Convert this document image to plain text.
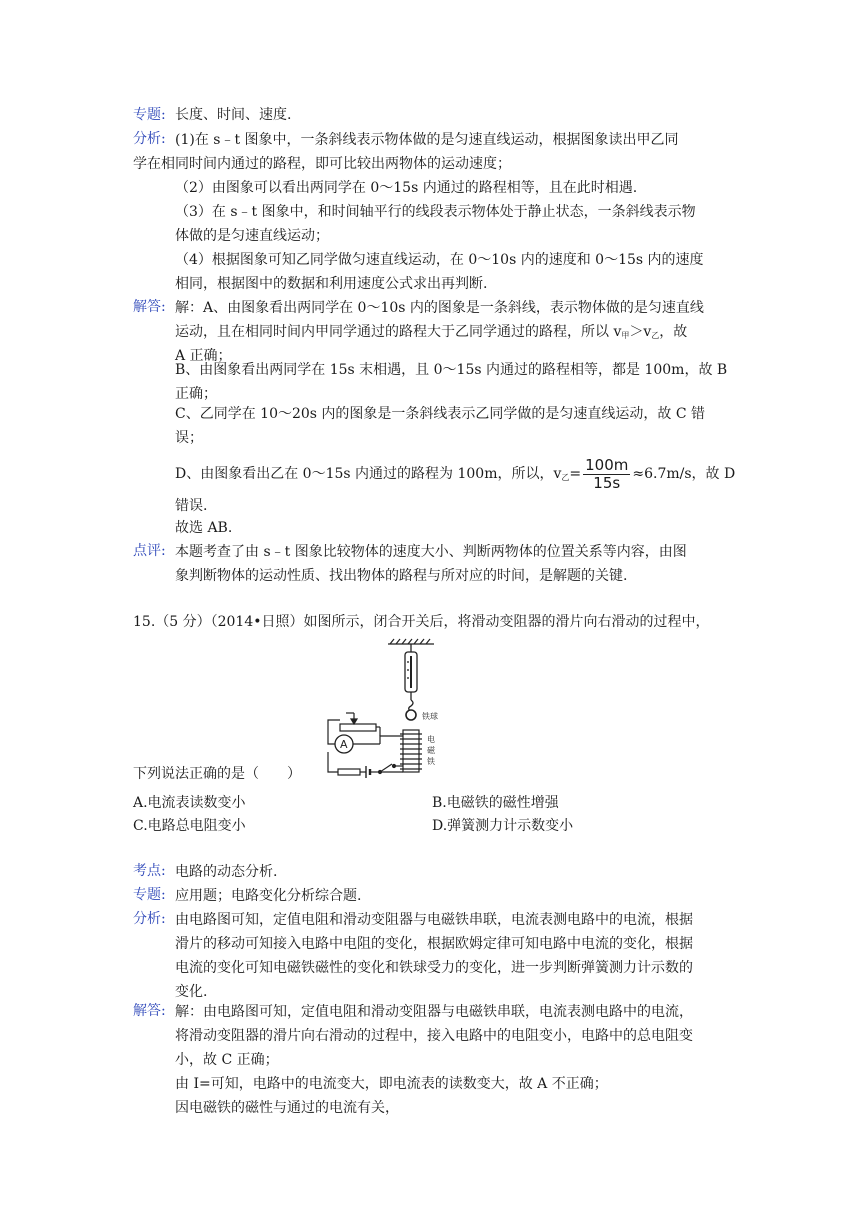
专题: 长度、时间、速度.
分析: (1)在 s﹣t 图象中，一条斜线表示物体做的是匀速直线运动，根据图象读出甲乙同
学在相同时间内通过的路程，即可比较出两物体的运动速度；
（2）由图象可以看出两同学在 0～15s 内通过的路程相等，且在此时相遇.
（3）在 s﹣t 图象中，和时间轴平行的线段表示物体处于静止状态，一条斜线表示物
体做的是匀速直线运动；
（4）根据图象可知乙同学做匀速直线运动，在 0～10s 内的速度和 0～15s 内的速度
相同，根据图中的数据和利用速度公式求出再判断.
解答: 解：A、由图象看出两同学在 0～10s 内的图象是一条斜线，表示物体做的是匀速直线
运动，且在相同时间内甲同学通过的路程大于乙同学通过的路程，所以 $v_甲>v_乙$，故
A 正确；
B、由图象看出两同学在 15s 末相遇，且 0～15s 内通过的路程相等，都是 100m，故 B
正确；
C、乙同学在 10～20s 内的图象是一条斜线表示乙同学做的是匀速直线运动，故 C 错
误；
D、由图象看出乙在 0～15s 内通过的路程为 100m，所以，$v_乙= \frac{100m}{15s} \approx 6.7m/s$，故 D
错误.
故选 AB.
点评: 本题考查了由 s﹣t 图象比较物体的速度大小、判断两物体的位置关系等内容，由图
象判断物体的运动性质、找出物体的路程与所对应的时间，是解题的关键.
15.（5 分）（2014•日照）如图所示，闭合开关后，将滑动变阻器的滑片向右滑动的过程中，
铁球
电
磁
铁
A
下列说法正确的是（　　）
A.电流表读数变小	B.电磁铁的磁性增强
C.电路总电阻变小	D.弹簧测力计示数变小
考点: 电路的动态分析.
专题: 应用题；电路变化分析综合题.
分析: 由电路图可知，定值电阻和滑动变阻器与电磁铁串联，电流表测电路中的电流，根据
滑片的移动可知接入电路中电阻的变化，根据欧姆定律可知电路中电流的变化，根据
电流的变化可知电磁铁磁性的变化和铁球受力的变化，进一步判断弹簧测力计示数的
变化.
解答: 解：由电路图可知，定值电阻和滑动变阻器与电磁铁串联，电流表测电路中的电流，
将滑动变阻器的滑片向右滑动的过程中，接入电路中的电阻变小，电路中的总电阻变
小，故 C 正确；
由 I=可知，电路中的电流变大，即电流表的读数变大，故 A 不正确；
因电磁铁的磁性与通过的电流有关，
